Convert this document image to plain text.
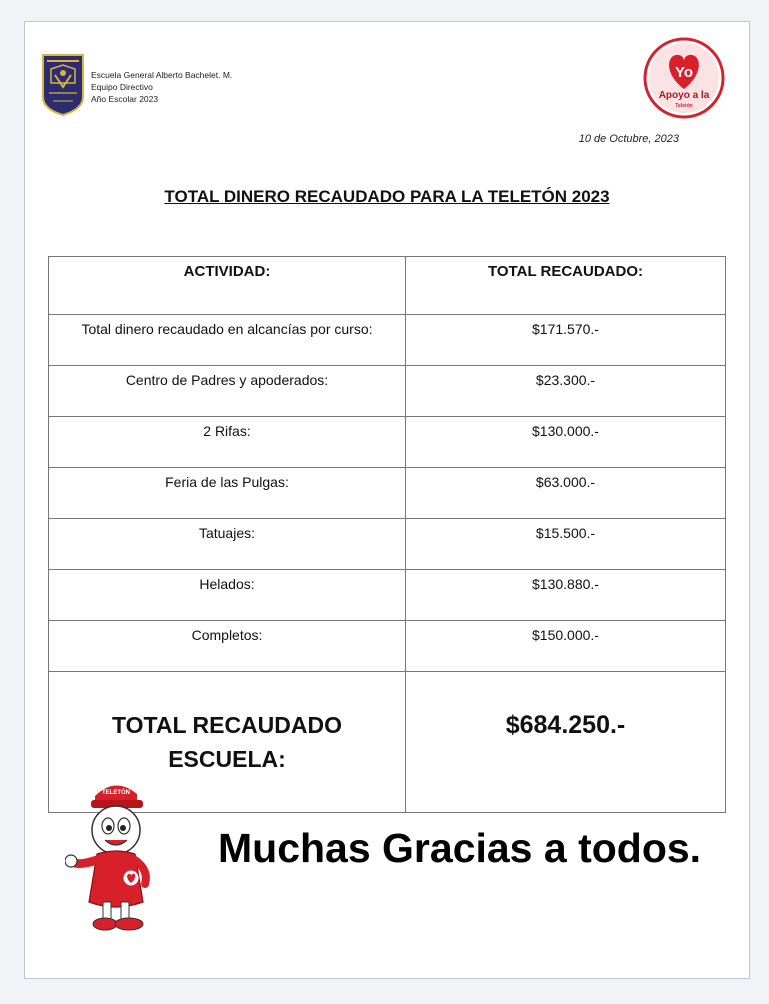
Escuela General Alberto Bachelet. M.
Equipo Directivo
Año Escolar 2023
Yo
Apoyo a la
Teletón
10 de Octubre, 2023
TOTAL DINERO RECAUDADO PARA LA TELETÓN 2023
ACTIVIDAD:	TOTAL RECAUDADO:
Total dinero recaudado en alcancías por curso:	$171.570.-
Centro de Padres y apoderados:	$23.300.-
2 Rifas:	$130.000.-
Feria de las Pulgas:	$63.000.-
Tatuajes:	$15.500.-
Helados:	$130.880.-
Completos:	$150.000.-

TOTAL RECAUDADO
ESCUELA:	$684.250.-
TELETÓN
Muchas Gracias a todos.
